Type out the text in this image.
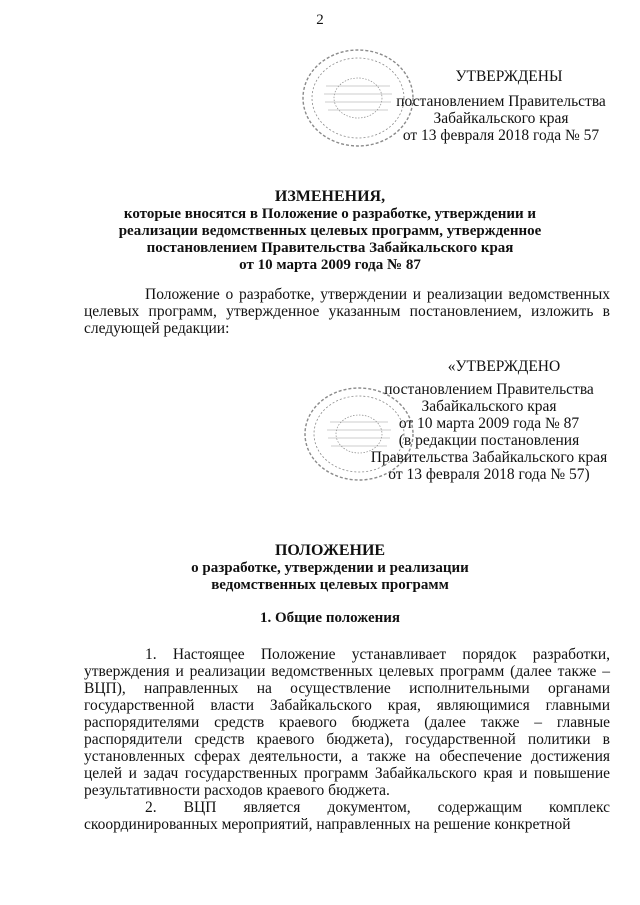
2
УТВЕРЖДЕНЫ
постановлением Правительства
Забайкальского края
от 13 февраля 2018 года № 57
ИЗМЕНЕНИЯ,
которые вносятся в Положение о разработке, утверждении и
реализации ведомственных целевых программ, утвержденное
постановлением Правительства Забайкальского края
от 10 марта 2009 года № 87
Положение о разработке, утверждении и реализации ведомственных целевых программ, утвержденное указанным постановлением, изложить в следующей редакции:
«УТВЕРЖДЕНО
постановлением Правительства
Забайкальского края
от 10 марта 2009 года № 87
(в редакции постановления
Правительства Забайкальского края
от 13 февраля 2018 года № 57)
ПОЛОЖЕНИЕ
о разработке, утверждении и реализации
ведомственных целевых программ
1. Общие положения
1. Настоящее Положение устанавливает порядок разработки, утверждения и реализации ведомственных целевых программ (далее также – ВЦП), направленных на осуществление исполнительными органами государственной власти Забайкальского края, являющимися главными распорядителями средств краевого бюджета (далее также – главные распорядители средств краевого бюджета), государственной политики в установленных сферах деятельности, а также на обеспечение достижения целей и задач государственных программ Забайкальского края и повышение результативности расходов краевого бюджета.
2. ВЦП является документом, содержащим комплекс скоординированных мероприятий, направленных на решение конкретной
